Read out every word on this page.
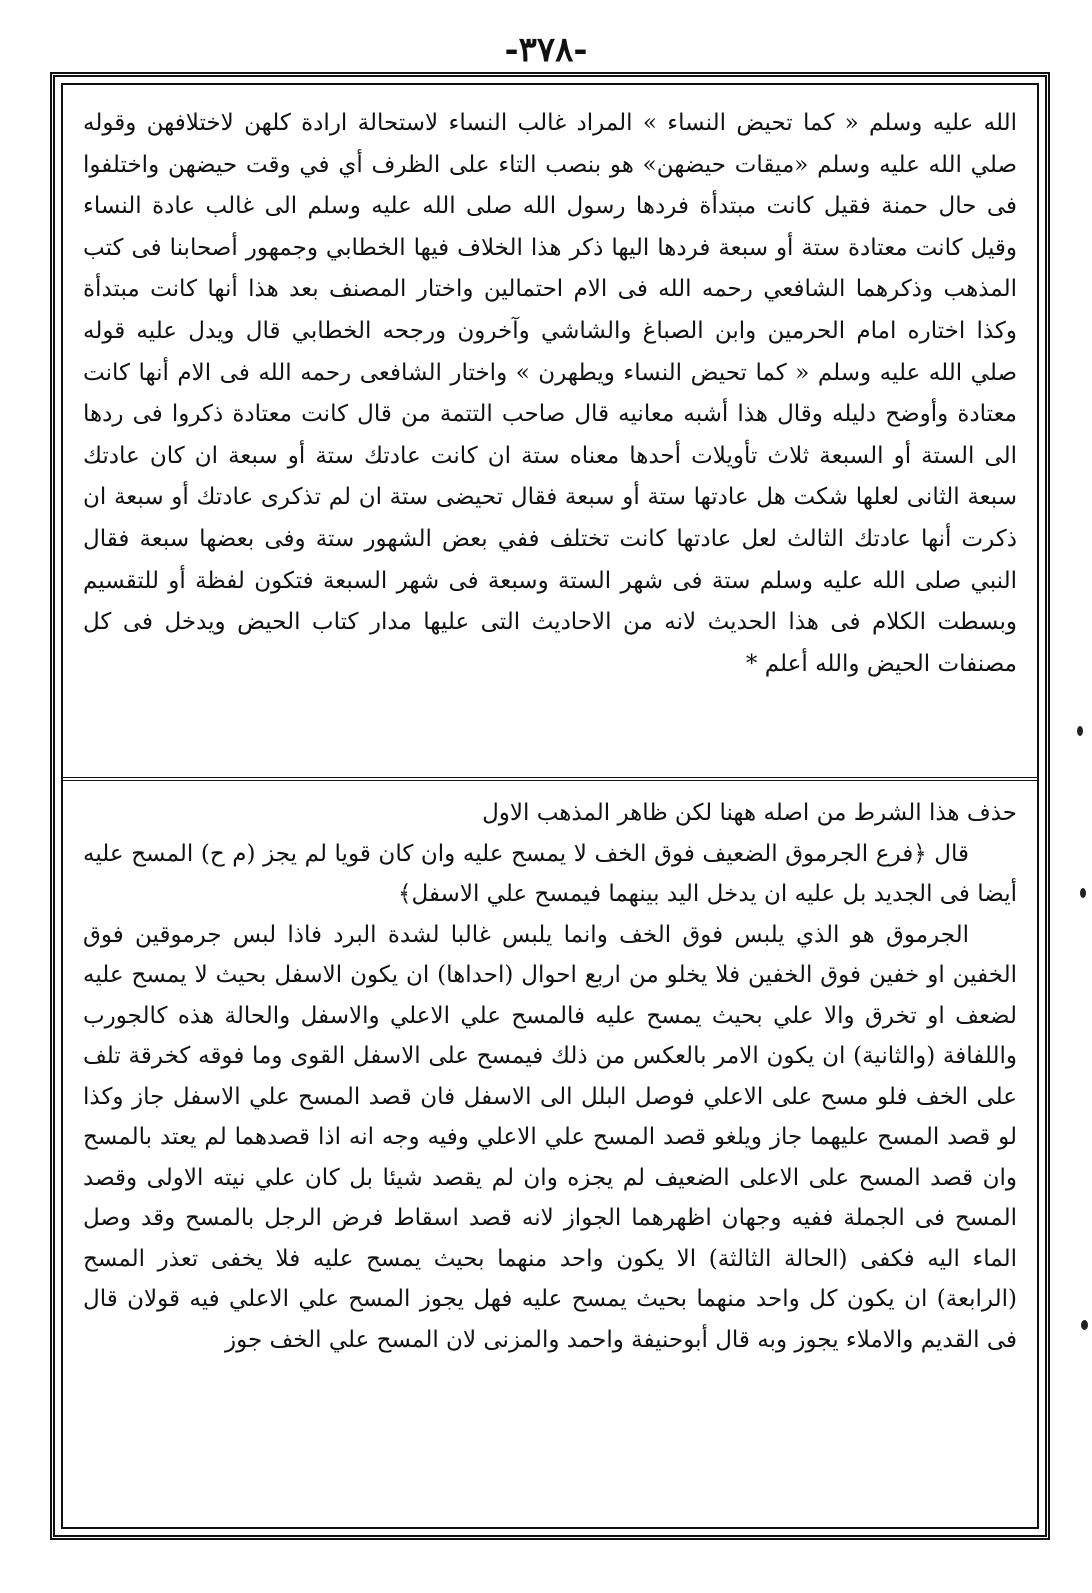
-٣٧٨-

الله عليه وسلم « كما تحيض النساء » المراد غالب النساء لاستحالة ارادة كلهن لاختلافهن وقوله صلي الله عليه وسلم «ميقات حيضهن» هو بنصب التاء على الظرف أي في وقت حيضهن واختلفوا فى حال حمنة فقيل كانت مبتدأة فردها رسول الله صلى الله عليه وسلم الى غالب عادة النساء وقيل كانت معتادة ستة أو سبعة فردها اليها ذكر هذا الخلاف فيها الخطابي وجمهور أصحابنا فى كتب المذهب وذكرهما الشافعي رحمه الله فى الام احتمالين واختار المصنف بعد هذا أنها كانت مبتدأة وكذا اختاره امام الحرمين وابن الصباغ والشاشي وآخرون ورجحه الخطابي قال ويدل عليه قوله صلي الله عليه وسلم « كما تحيض النساء ويطهرن » واختار الشافعى رحمه الله فى الام أنها كانت معتادة وأوضح دليله وقال هذا أشبه معانيه قال صاحب التتمة من قال كانت معتادة ذكروا فى ردها الى الستة أو السبعة ثلاث تأويلات أحدها معناه ستة ان كانت عادتك ستة أو سبعة ان كان عادتك سبعة الثانى لعلها شكت هل عادتها ستة أو سبعة فقال تحيضى ستة ان لم تذكرى عادتك أو سبعة ان ذكرت أنها عادتك الثالث لعل عادتها كانت تختلف ففي بعض الشهور ستة وفى بعضها سبعة فقال النبي صلى الله عليه وسلم ستة فى شهر الستة وسبعة فى شهر السبعة فتكون لفظة أو للتقسيم وبسطت الكلام فى هذا الحديث لانه من الاحاديث التى عليها مدار كتاب الحيض ويدخل فى كل مصنفات الحيض والله أعلم *

حذف هذا الشرط من اصله ههنا لكن ظاهر المذهب الاول

قال ﴿فرع الجرموق الضعيف فوق الخف لا يمسح عليه وان كان قويا لم يجز (م ح) المسح عليه أيضا فى الجديد بل عليه ان يدخل اليد بينهما فيمسح علي الاسفل﴾

الجرموق هو الذي يلبس فوق الخف وانما يلبس غالبا لشدة البرد فاذا لبس جرموقين فوق الخفين او خفين فوق الخفين فلا يخلو من اربع احوال (احداها) ان يكون الاسفل بحيث لا يمسح عليه لضعف او تخرق والا علي بحيث يمسح عليه فالمسح علي الاعلي والاسفل والحالة هذه كالجورب واللفافة (والثانية) ان يكون الامر بالعكس من ذلك فيمسح على الاسفل القوى وما فوقه كخرقة تلف على الخف فلو مسح على الاعلي فوصل البلل الى الاسفل فان قصد المسح علي الاسفل جاز وكذا لو قصد المسح عليهما جاز ويلغو قصد المسح علي الاعلي وفيه وجه انه اذا قصدهما لم يعتد بالمسح وان قصد المسح على الاعلى الضعيف لم يجزه وان لم يقصد شيئا بل كان علي نيته الاولى وقصد المسح فى الجملة ففيه وجهان اظهرهما الجواز لانه قصد اسقاط فرض الرجل بالمسح وقد وصل الماء اليه فكفى (الحالة الثالثة) الا يكون واحد منهما بحيث يمسح عليه فلا يخفى تعذر المسح (الرابعة) ان يكون كل واحد منهما بحيث يمسح عليه فهل يجوز المسح علي الاعلي فيه قولان قال فى القديم والاملاء يجوز وبه قال أبوحنيفة واحمد والمزنى لان المسح علي الخف جوز
